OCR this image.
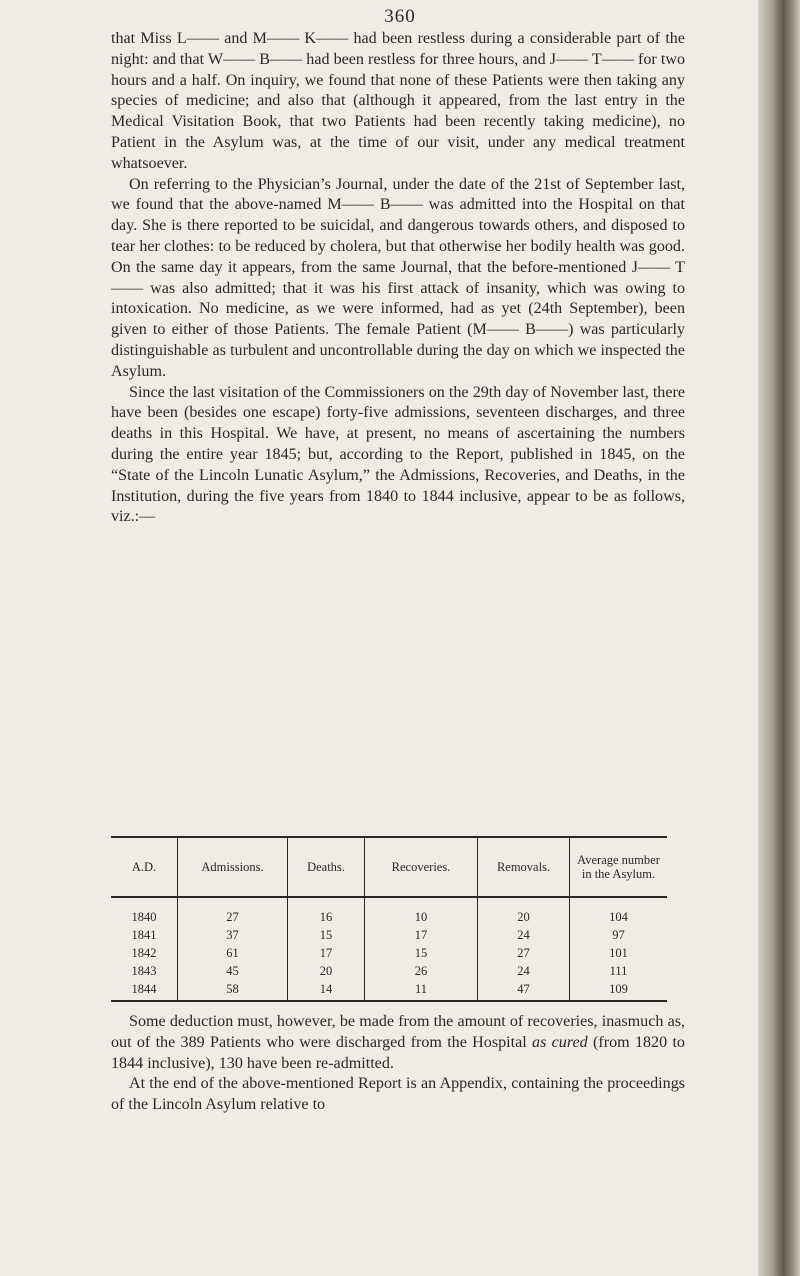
360

that Miss L—— and M—— K—— had been restless during a considerable part of the night: and that W—— B—— had been restless for three hours, and J—— T—— for two hours and a half. On inquiry, we found that none of these Patients were then taking any species of medicine; and also that (although it appeared, from the last entry in the Medical Visitation Book, that two Patients had been recently taking medicine), no Patient in the Asylum was, at the time of our visit, under any medical treatment whatsoever.

On referring to the Physician’s Journal, under the date of the 21st of September last, we found that the above-named M—— B—— was admitted into the Hospital on that day. She is there reported to be suicidal, and dangerous towards others, and disposed to tear her clothes: to be reduced by cholera, but that otherwise her bodily health was good. On the same day it appears, from the same Journal, that the before-mentioned J—— T—— was also admitted; that it was his first attack of insanity, which was owing to intoxication. No medicine, as we were informed, had as yet (24th September), been given to either of those Patients. The female Patient (M—— B——) was particularly distinguishable as turbulent and uncontrollable during the day on which we inspected the Asylum.

Since the last visitation of the Commissioners on the 29th day of November last, there have been (besides one escape) forty-five admissions, seventeen discharges, and three deaths in this Hospital. We have, at present, no means of ascertaining the numbers during the entire year 1845; but, according to the Report, published in 1845, on the “State of the Lincoln Lunatic Asylum,” the Admissions, Recoveries, and Deaths, in the Institution, during the five years from 1840 to 1844 inclusive, appear to be as follows, viz.:—

A.D.	Admissions.	Deaths.	Recoveries.	Removals.	Average number in the Asylum.
1840	27	16	10	20	104
1841	37	15	17	24	97
1842	61	17	15	27	101
1843	45	20	26	24	111
1844	58	14	11	47	109

Some deduction must, however, be made from the amount of recoveries, inasmuch as, out of the 389 Patients who were discharged from the Hospital as cured (from 1820 to 1844 inclusive), 130 have been re-admitted.

At the end of the above-mentioned Report is an Appendix, containing the proceedings of the Lincoln Asylum relative to
